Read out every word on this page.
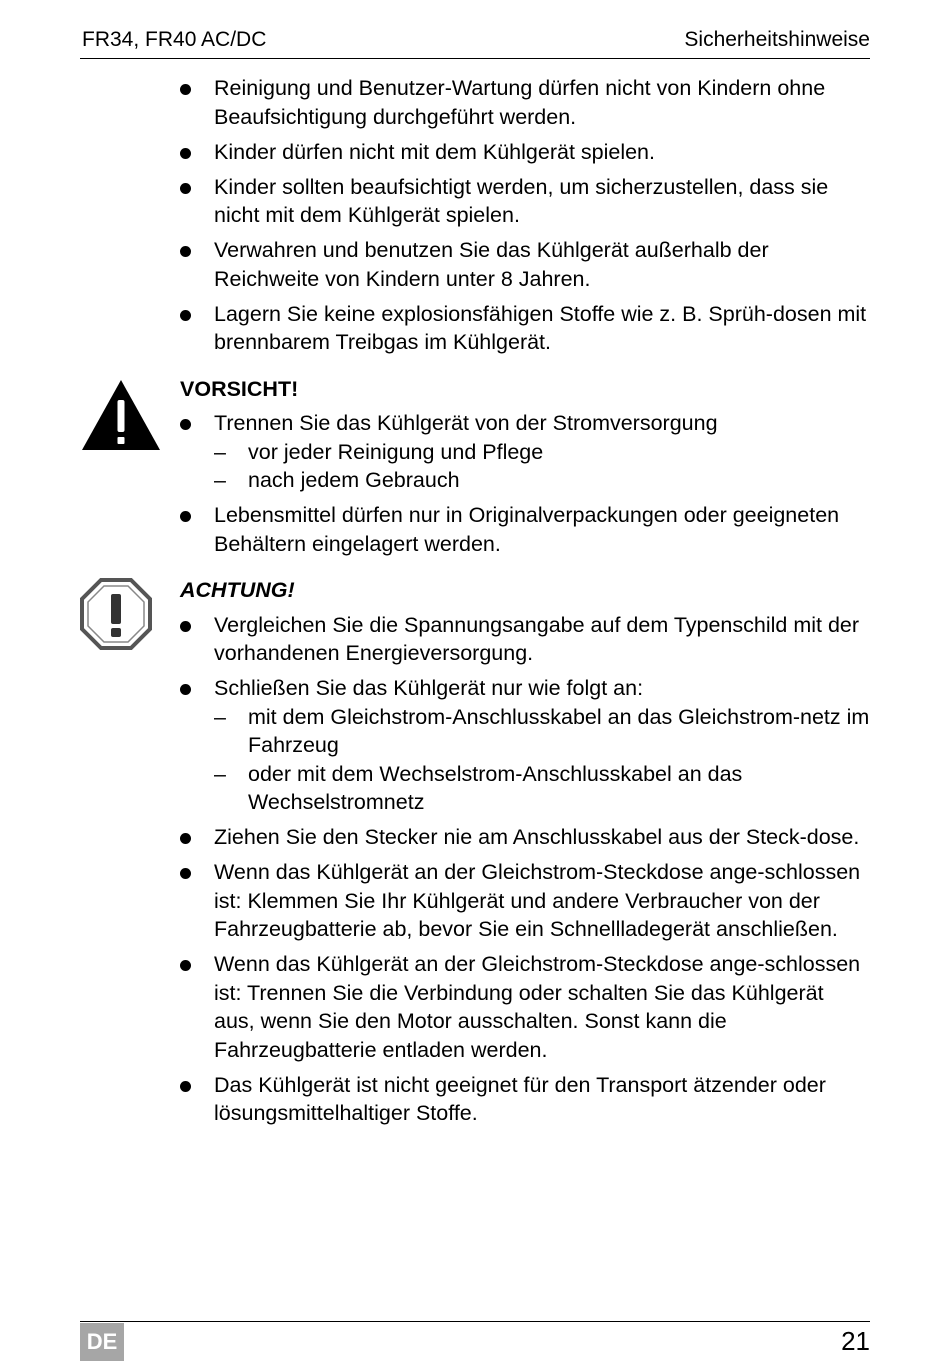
FR34, FR40 AC/DC	Sicherheitshinweise
Reinigung und Benutzer-Wartung dürfen nicht von Kindern ohne Beaufsichtigung durchgeführt werden.
Kinder dürfen nicht mit dem Kühlgerät spielen.
Kinder sollten beaufsichtigt werden, um sicherzustellen, dass sie nicht mit dem Kühlgerät spielen.
Verwahren und benutzen Sie das Kühlgerät außerhalb der Reichweite von Kindern unter 8 Jahren.
Lagern Sie keine explosionsfähigen Stoffe wie z. B. Sprüh-dosen mit brennbarem Treibgas im Kühlgerät.
VORSICHT!
Trennen Sie das Kühlgerät von der Stromversorgung
– vor jeder Reinigung und Pflege
– nach jedem Gebrauch
Lebensmittel dürfen nur in Originalverpackungen oder geeigneten Behältern eingelagert werden.
ACHTUNG!
Vergleichen Sie die Spannungsangabe auf dem Typenschild mit der vorhandenen Energieversorgung.
Schließen Sie das Kühlgerät nur wie folgt an:
– mit dem Gleichstrom-Anschlusskabel an das Gleichstrom-netz im Fahrzeug
– oder mit dem Wechselstrom-Anschlusskabel an das Wechselstromnetz
Ziehen Sie den Stecker nie am Anschlusskabel aus der Steck-dose.
Wenn das Kühlgerät an der Gleichstrom-Steckdose ange-schlossen ist: Klemmen Sie Ihr Kühlgerät und andere Verbraucher von der Fahrzeugbatterie ab, bevor Sie ein Schnellladegerät anschließen.
Wenn das Kühlgerät an der Gleichstrom-Steckdose ange-schlossen ist: Trennen Sie die Verbindung oder schalten Sie das Kühlgerät aus, wenn Sie den Motor ausschalten. Sonst kann die Fahrzeugbatterie entladen werden.
Das Kühlgerät ist nicht geeignet für den Transport ätzender oder lösungsmittelhaltiger Stoffe.
DE	21
